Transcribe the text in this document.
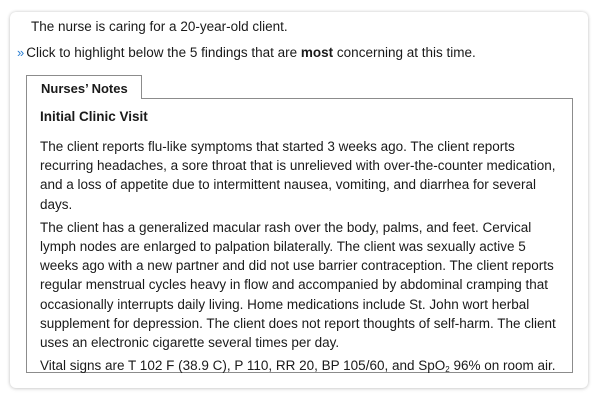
The nurse is caring for a 20-year-old client.
» Click to highlight below the 5 findings that are most concerning at this time.
Nurses’ Notes
Initial Clinic Visit

The client reports flu-like symptoms that started 3 weeks ago. The client reports recurring headaches, a sore throat that is unrelieved with over-the-counter medication, and a loss of appetite due to intermittent nausea, vomiting, and diarrhea for several days.

The client has a generalized macular rash over the body, palms, and feet. Cervical lymph nodes are enlarged to palpation bilaterally. The client was sexually active 5 weeks ago with a new partner and did not use barrier contraception. The client reports regular menstrual cycles heavy in flow and accompanied by abdominal cramping that occasionally interrupts daily living. Home medications include St. John wort herbal supplement for depression. The client does not report thoughts of self-harm. The client uses an electronic cigarette several times per day.

Vital signs are T 102 F (38.9 C), P 110, RR 20, BP 105/60, and SpO$_2$ 96% on room air.
